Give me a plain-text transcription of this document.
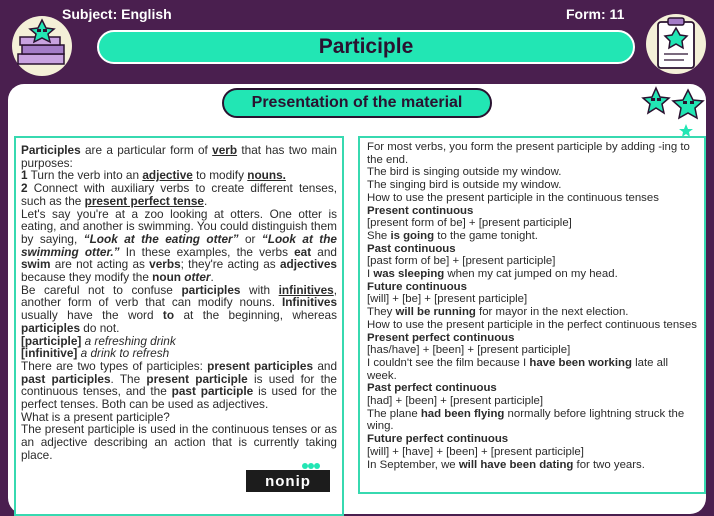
Subject: English	Form: 11
Participle
Presentation of the material

Participles are a particular form of verb that has two main purposes:

1 Turn the verb into an adjective to modify nouns.

2 Connect with auxiliary verbs to create different tenses, such as the present perfect tense.

Let's say you're at a zoo looking at otters. One otter is eating, and another is swimming. You could distinguish them by saying, “Look at the eating otter” or “Look at the swimming otter.” In these examples, the verbs eat and swim are not acting as verbs; they're acting as adjectives because they modify the noun otter.

Be careful not to confuse participles with infinitives, another form of verb that can modify nouns. Infinitives usually have the word to at the beginning, whereas participles do not.

[participle] a refreshing drink

[infinitive] a drink to refresh

There are two types of participles: present participles and past participles. The present participle is used for the continuous tenses, and the past participle is used for the perfect tenses. Both can be used as adjectives.

What is a present participle?

The present participle is used in the continuous tenses or as an adjective describing an action that is currently taking place.

For most verbs, you form the present participle by adding -ing to the end.

The bird is singing outside my window.

The singing bird is outside my window.

How to use the present participle in the continuous tenses

Present continuous

[present form of be] + [present participle]

She is going to the game tonight.

Past continuous

[past form of be] + [present participle]

I was sleeping when my cat jumped on my head.

Future continuous

[will] + [be] + [present participle]

They will be running for mayor in the next election.

How to use the present participle in the perfect continuous tenses

Present perfect continuous

[has/have] + [been] + [present participle]

I couldn't see the film because I have been working late all week.

Past perfect continuous

[had] + [been] + [present participle]

The plane had been flying normally before lightning struck the wing.

Future perfect continuous

[will] + [have] + [been] + [present participle]

In September, we will have been dating for two years.

nonip
